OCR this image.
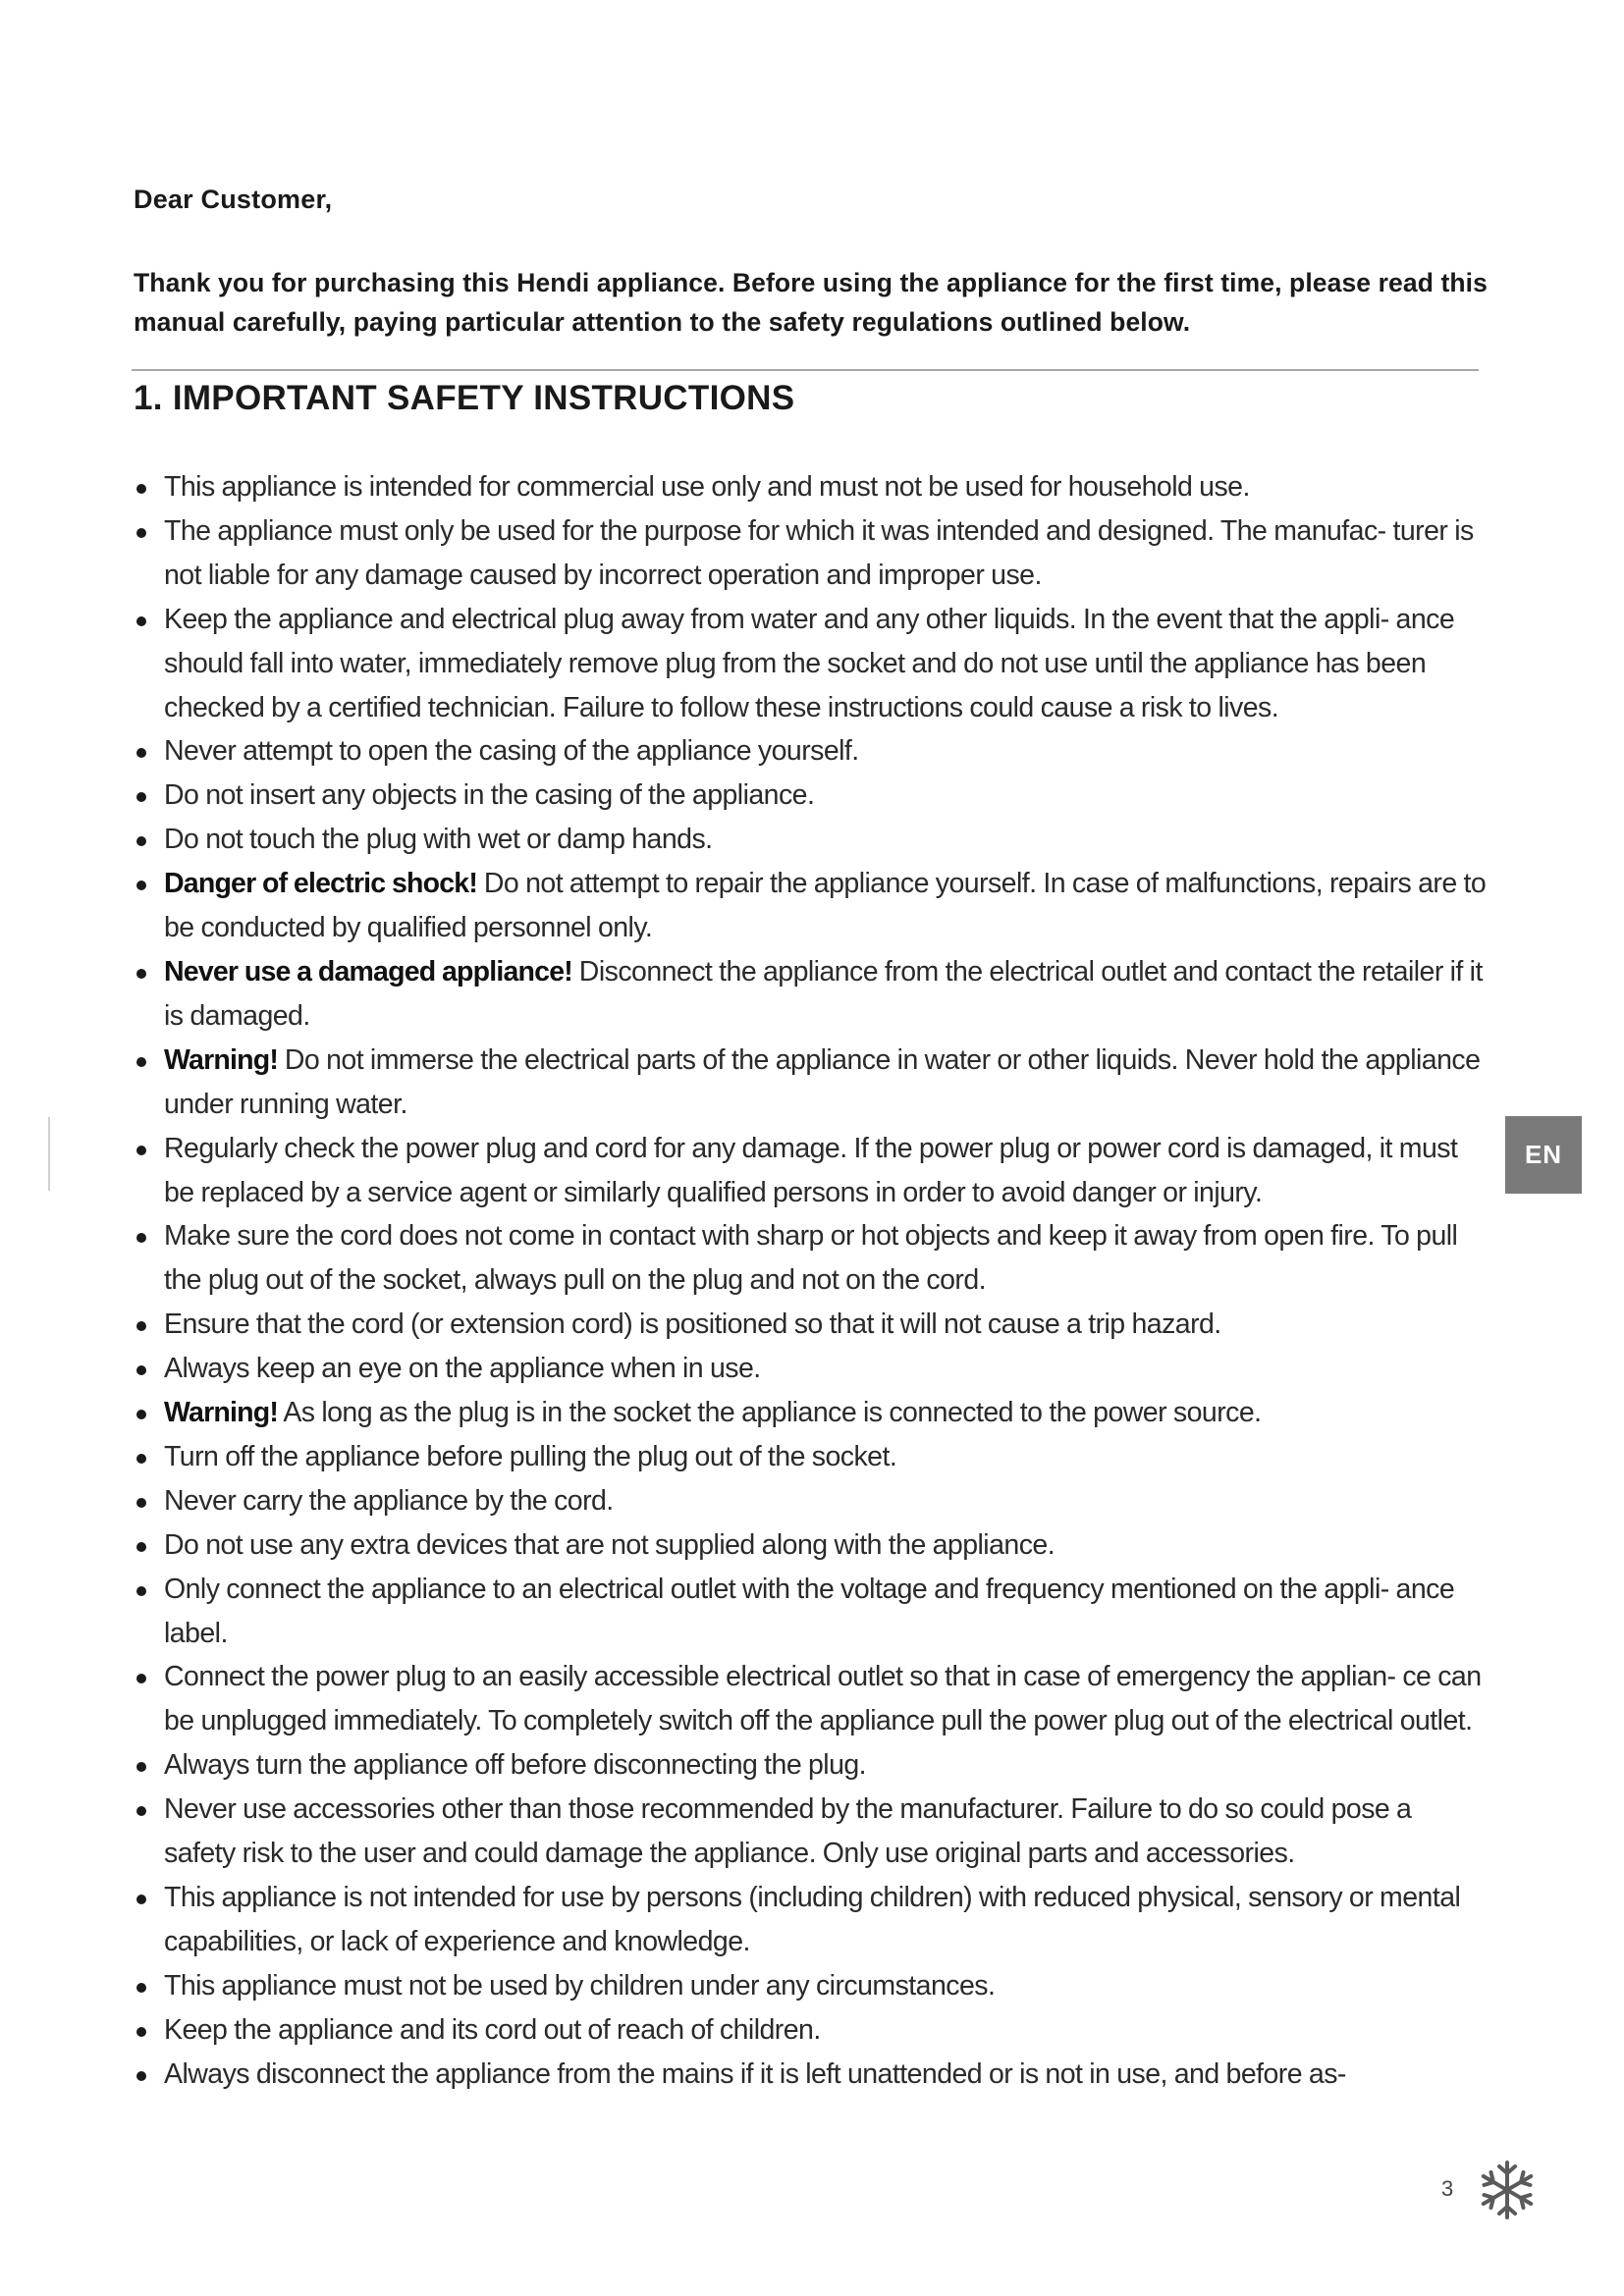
Dear Customer,
Thank you for purchasing this Hendi appliance. Before using the appliance for the first time, please read this manual carefully, paying particular attention to the safety regulations outlined below.
1. IMPORTANT SAFETY INSTRUCTIONS
This appliance is intended for commercial use only and must not be used for household use.
The appliance must only be used for the purpose for which it was intended and designed. The manufac- turer is not liable for any damage caused by incorrect operation and improper use.
Keep the appliance and electrical plug away from water and any other liquids. In the event that the appli- ance should fall into water, immediately remove plug from the socket and do not use until the appliance has been checked by a certified technician. Failure to follow these instructions could cause a risk to lives.
Never attempt to open the casing of the appliance yourself.
Do not insert any objects in the casing of the appliance.
Do not touch the plug with wet or damp hands.
Danger of electric shock! Do not attempt to repair the appliance yourself. In case of malfunctions, repairs are to be conducted by qualified personnel only.
Never use a damaged appliance! Disconnect the appliance from the electrical outlet and contact the retailer if it is damaged.
Warning! Do not immerse the electrical parts of the appliance in water or other liquids. Never hold the appliance under running water.
Regularly check the power plug and cord for any damage. If the power plug or power cord is damaged, it must be replaced by a service agent or similarly qualified persons in order to avoid danger or injury.
Make sure the cord does not come in contact with sharp or hot objects and keep it away from open fire. To pull the plug out of the socket, always pull on the plug and not on the cord.
Ensure that the cord (or extension cord) is positioned so that it will not cause a trip hazard.
Always keep an eye on the appliance when in use.
Warning! As long as the plug is in the socket the appliance is connected to the power source.
Turn off the appliance before pulling the plug out of the socket.
Never carry the appliance by the cord.
Do not use any extra devices that are not supplied along with the appliance.
Only connect the appliance to an electrical outlet with the voltage and frequency mentioned on the appli- ance label.
Connect the power plug to an easily accessible electrical outlet so that in case of emergency the applian- ce can be unplugged immediately. To completely switch off the appliance pull the power plug out of the electrical outlet.
Always turn the appliance off before disconnecting the plug.
Never use accessories other than those recommended by the manufacturer. Failure to do so could pose a safety risk to the user and could damage the appliance. Only use original parts and accessories.
This appliance is not intended for use by persons (including children) with reduced physical, sensory or mental capabilities, or lack of experience and knowledge.
This appliance must not be used by children under any circumstances.
Keep the appliance and its cord out of reach of children.
Always disconnect the appliance from the mains if it is left unattended or is not in use, and before as-
EN
3
